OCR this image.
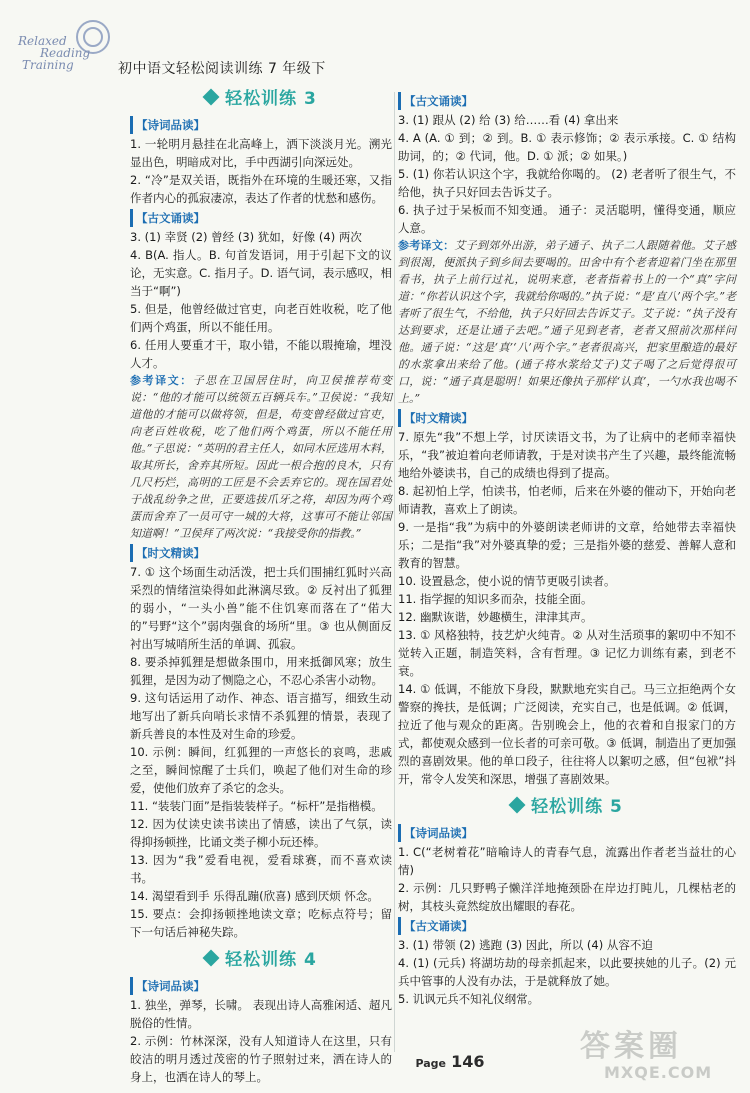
Relaxed
Reading
Training	初中语文轻松阅读训练 7 年级下
轻松训练 3
【诗词品读】

1. 一轮明月悬挂在北高峰上，洒下淡淡月光。溯光显出色，明暗成对比，手中西湖引向深远处。

2. “冷”是双关语，既指外在环境的生暖还寒，又指作者内心的孤寂凄凉，表达了作者的忧愁和感伤。

【古文诵读】

3. (1) 幸贤 (2) 曾经 (3) 犹如，好像 (4) 两次

4. B(A. 指人。B. 句首发语词，用于引起下文的议论，无实意。C. 指月子。D. 语气词，表示感叹，相当于“啊”)

5. 但是，他曾经做过官吏，向老百姓收税，吃了他们两个鸡蛋，所以不能任用。

6. 任用人要重才干，取小错，不能以瑕掩瑜，埋没人才。

参考译文：子思在卫国居住时，向卫侯推荐苟变说：“他的才能可以统领五百辆兵车。”卫侯说：“我知道他的才能可以做将领，但是，苟变曾经做过官吏，向老百姓收税，吃了他们两个鸡蛋，所以不能任用他。”子思说：“英明的君主任人，如同木匠选用木料，取其所长，舍弃其所短。因此一根合抱的良木，只有几尺朽烂，高明的工匠是不会丢弃它的。现在国君处于战乱纷争之世，正要选拔爪牙之将，却因为两个鸡蛋而舍弃了一员可守一城的大将，这事可不能让邻国知道啊！”卫侯拜了两次说：“我接受你的指教。”

【时文精读】

7. ① 这个场面生动活泼，把士兵们围捕红狐时兴高采烈的情绪渲染得如此淋漓尽致。② 反衬出了狐狸的弱小，“一头小兽”能不住饥寒而落在了“偌大的”号野“这个”弱肉强食的场所“里。③ 也从侧面反衬出写城哨所生活的单调、孤寂。

8. 要杀掉狐狸是想做条围巾，用来抵御风寒；放生狐狸，是因为动了恻隐之心，不忍心杀害小动物。

9. 这句话运用了动作、神态、语言描写，细致生动地写出了新兵向哨长求情不杀狐狸的情景，表现了新兵善良的本性及对生命的珍爱。

10. 示例：瞬间，红狐狸的一声悠长的哀鸣，悲戚之至，瞬间惊醒了士兵们，唤起了他们对生命的珍爱，使他们放弃了杀它的念头。

11. “装装门面”是指装装样子。“标杆”是指楷模。

12. 因为仗读史读书读出了情感，读出了气氛，读得抑扬顿挫，比诵文类子柳小玩还棒。

13. 因为“我”爱看电视，爱看球赛，而不喜欢读书。

14. 渴望看到手 乐得乱蹦(欣喜) 感到厌烦 怀念。

15. 要点：会抑扬顿挫地读文章；吃标点符号；留下一句话后神秘失踪。

轻松训练 4
【诗词品读】

1. 独坐，弹琴，长啸。 表现出诗人高雅闲适、超凡脱俗的性情。

2. 示例：竹林深深，没有人知道诗人在这里，只有皎洁的明月透过茂密的竹子照射过来，洒在诗人的身上，也洒在诗人的琴上。

【古文诵读】

3. (1) 跟从 (2) 给 (3) 给……看 (4) 拿出来

4. A (A. ① 到；② 到。B. ① 表示修饰；② 表示承接。C. ① 结构助词，的；② 代词，他。D. ① 派；② 如果。)

5. (1) 你若认识这个字，我就给你喝的。 (2) 老者听了很生气，不给他，执子只好回去告诉艾子。

6. 执子过于呆板而不知变通。 通子：灵活聪明，懂得变通，顺应人意。

参考译文：艾子到郊外出游，弟子通子、执子二人跟随着他。艾子感到很渴，便派执子到乡间去要喝的。田舍中有个老者迎着门坐在那里看书，执子上前行过礼，说明来意，老者指着书上的一个“真”字问道：“你若认识这个字，我就给你喝的。”执子说：“是‘直八’两个字。”老者听了很生气，不给他，执子只好回去告诉艾子。艾子说：“执子没有达到要求，还是让通子去吧。”通子见到老者，老者又照前次那样问他。通子说：“这是‘真’‘八’两个字。”老者很高兴，把家里酿造的最好的水浆拿出来给了他。(通子将水浆给艾子)艾子喝了之后觉得很可口，说：“通子真是聪明！如果还像执子那样‘认真’，一勺水我也喝不上。”

【时文精读】

7. 原先“我”不想上学，讨厌读语文书，为了让病中的老师幸福快乐，“我”被迫着向老师请教，于是对读书产生了兴趣，最终能流畅地给外婆读书，自己的成绩也得到了提高。

8. 起初怕上学，怕读书，怕老师，后来在外婆的催动下，开始向老师请教，喜欢上了朗读。

9. 一是指“我”为病中的外婆朗读老师讲的文章，给她带去幸福快乐；二是指“我”对外婆真挚的爱；三是指外婆的慈爱、善解人意和教育的智慧。

10. 设置悬念，使小说的情节更吸引读者。

11. 指学握的知识多而杂，技能全面。

12. 幽默诙谐，妙趣横生，津津其声。

13. ① 风格独特，技艺炉火纯青。② 从对生活琐事的絮叨中不知不觉转入正题，制造笑料，含有哲理。③ 记忆力训练有素，到老不衰。

14. ① 低调，不能放下身段，默默地充实自己。马三立拒绝两个女警察的搀扶，是低调；广泛阅读，充实自己，也是低调。② 低调，拉近了他与观众的距离。告别晚会上，他的衣着和自报家门的方式，都使观众感到一位长者的可亲可敬。③ 低调，制造出了更加强烈的喜剧效果。他的单口段子，往往将人以絮叨之感，但“包袱”抖开，常令人发笑和深思，增强了喜剧效果。

轻松训练 5
【诗词品读】

1. C(“老树着花”暗喻诗人的青春气息，流露出作者老当益壮的心情)

2. 示例：几只野鸭子懒洋洋地掩颈卧在岸边打盹儿，几棵枯老的树，其枝头竟然绽放出耀眼的春花。

【古文诵读】

3. (1) 带领 (2) 逃跑 (3) 因此，所以 (4) 从容不迫

4. (1) (元兵) 将湖坊劫的母亲抓起来，以此要挟她的儿子。(2) 元兵中管事的人没有办法，于是就释放了她。

5. 讥讽元兵不知礼仪纲常。

Page 146	答案圈
MXQE.COM
